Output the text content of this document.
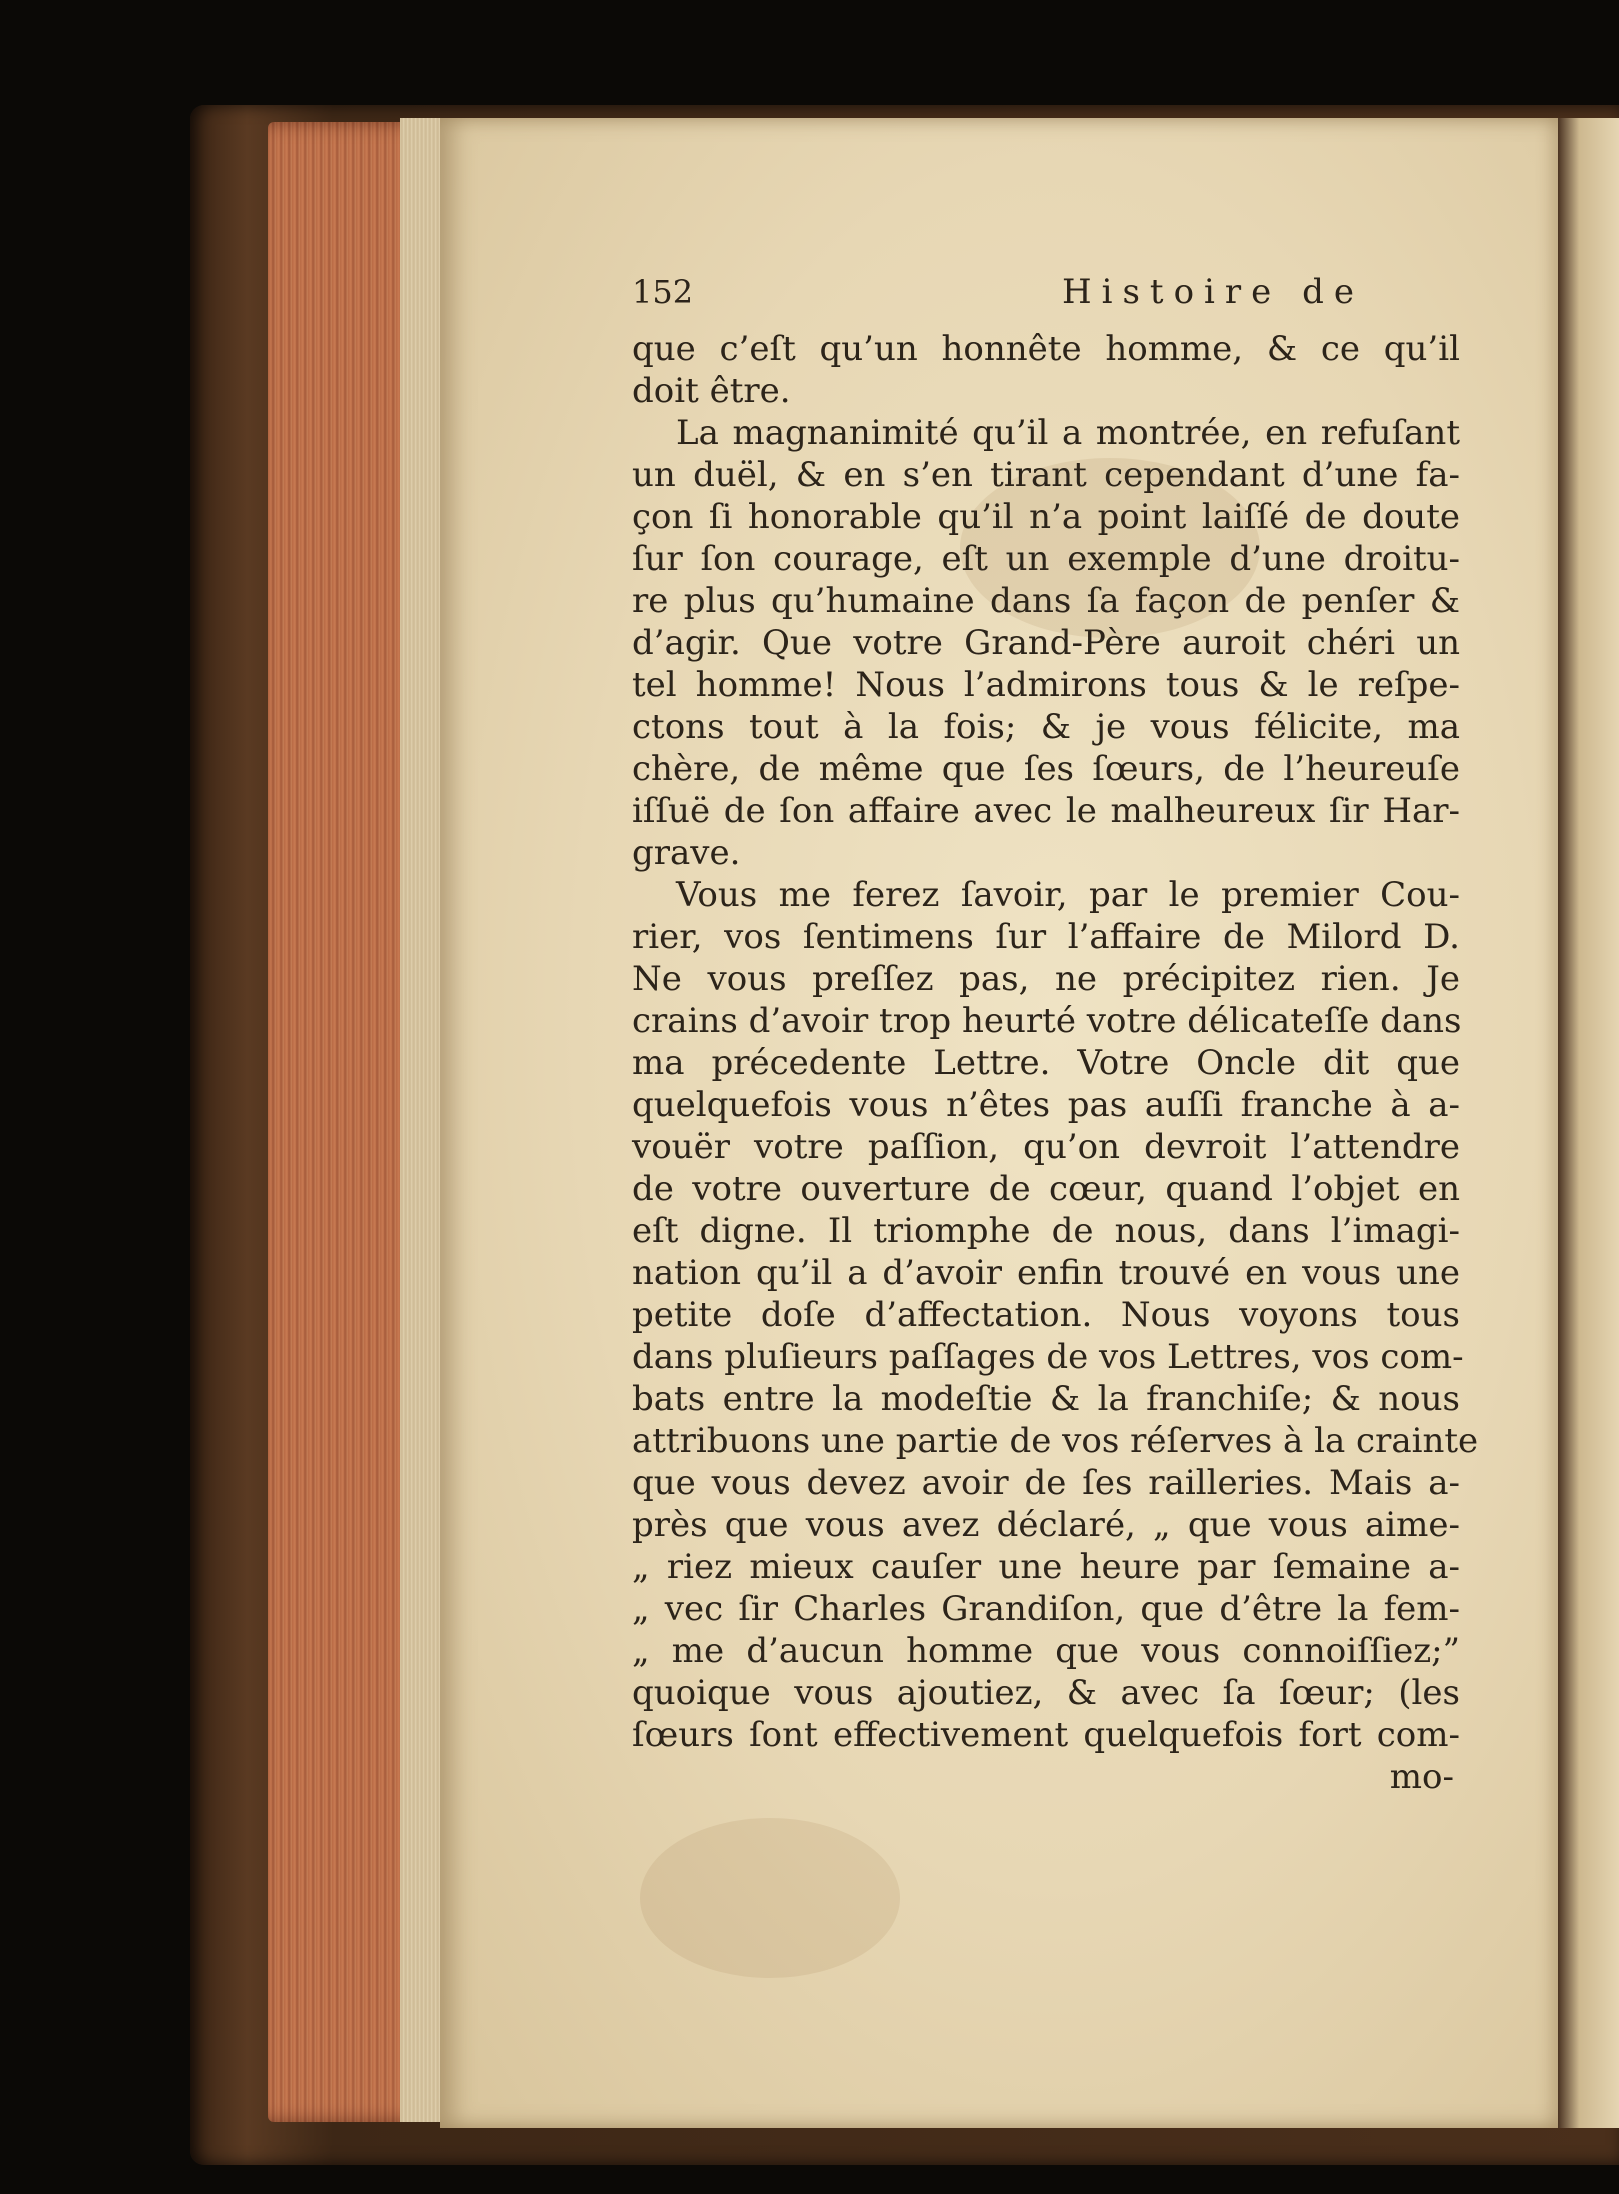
152	Histoire de
que c’eſt qu’un honnête homme, & ce qu’il
doit être.
La magnanimité qu’il a montrée, en refuſant
un duël, & en s’en tirant cependant d’une fa-
çon ſi honorable qu’il n’a point laiſſé de doute
ſur ſon courage, eſt un exemple d’une droitu-
re plus qu’humaine dans ſa façon de penſer &
d’agir. Que votre Grand-Père auroit chéri un
tel homme! Nous l’admirons tous & le reſpe-
ctons tout à la fois; & je vous félicite, ma
chère, de même que ſes ſœurs, de l’heureuſe
iſſuë de ſon affaire avec le malheureux ſir Har-
grave.
Vous me ferez ſavoir, par le premier Cou-
rier, vos ſentimens ſur l’affaire de Milord D.
Ne vous preſſez pas, ne précipitez rien. Je
crains d’avoir trop heurté votre délicateſſe dans
ma précedente Lettre. Votre Oncle dit que
quelquefois vous n’êtes pas auſſi franche à a-
vouër votre paſſion, qu’on devroit l’attendre
de votre ouverture de cœur, quand l’objet en
eſt digne. Il triomphe de nous, dans l’imagi-
nation qu’il a d’avoir enfin trouvé en vous une
petite doſe d’affectation. Nous voyons tous
dans pluſieurs paſſages de vos Lettres, vos com-
bats entre la modeſtie & la franchiſe; & nous
attribuons une partie de vos réſerves à la crainte
que vous devez avoir de ſes railleries. Mais a-
près que vous avez déclaré, „ que vous aime-
„ riez mieux cauſer une heure par ſemaine a-
„ vec ſir Charles Grandiſon, que d’être la fem-
„ me d’aucun homme que vous connoiſſiez;”
quoique vous ajoutiez, & avec ſa ſœur; (les
ſœurs ſont effectivement quelquefois fort com-
mo-
